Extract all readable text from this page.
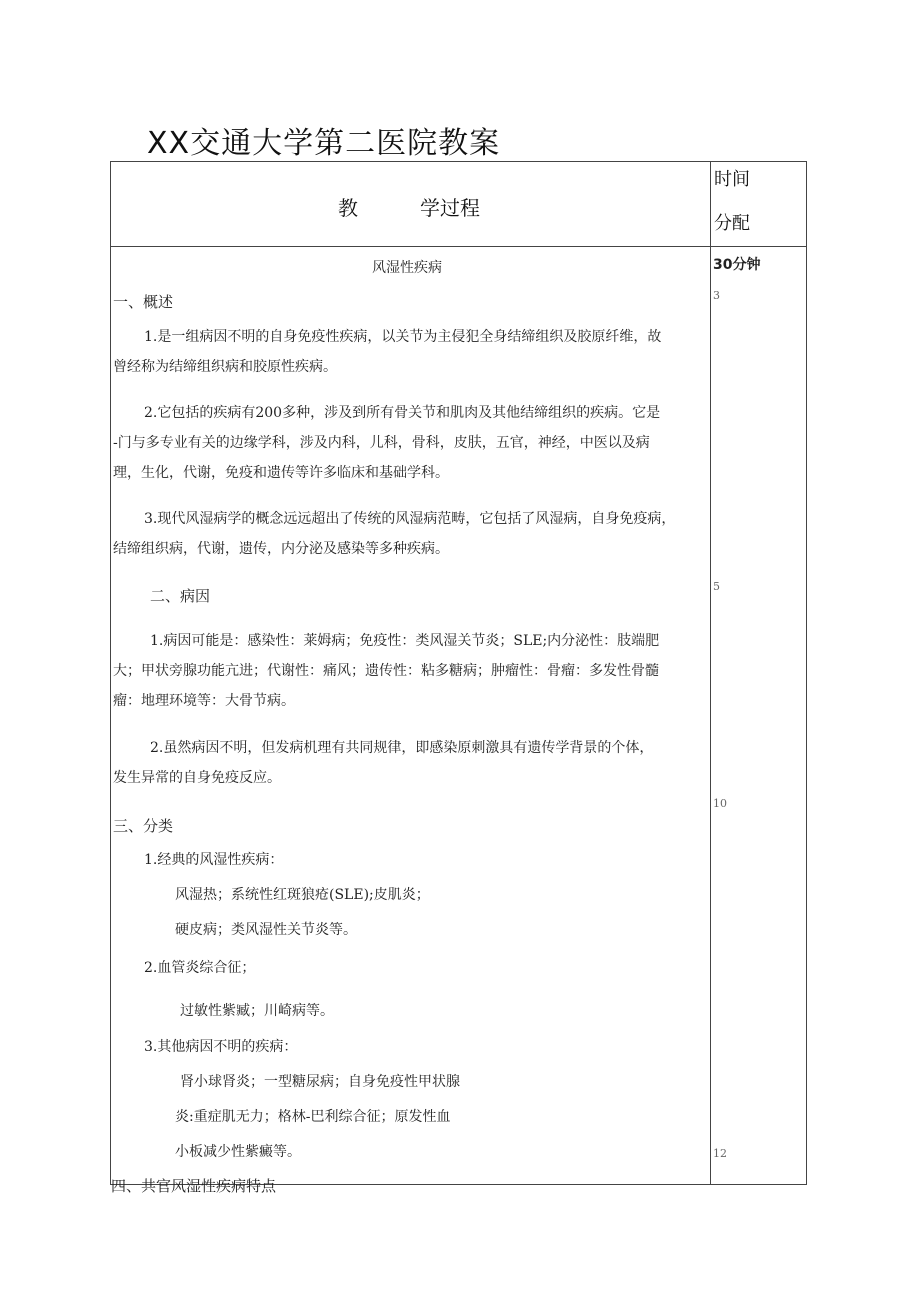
XX交通大学第二医院教案
教	学过程
时间
分配
风湿性疾病	30分钟
一、概述
1.是一组病因不明的自身免疫性疾病，以关节为主侵犯全身结缔组织及胶原纤维，故
曾经称为结缔组织病和胶原性疾病。
2.它包括的疾病有200多种，涉及到所有骨关节和肌肉及其他结缔组织的疾病。它是
-门与多专业有关的边缘学科，涉及内科，儿科，骨科，皮肤，五官，神经，中医以及病
理，生化，代谢，免疫和遗传等许多临床和基础学科。
3.现代风湿病学的概念远远超出了传统的风湿病范畴，它包括了风湿病，自身免疫病，
结缔组织病，代谢，遗传，内分泌及感染等多种疾病。
二、病因
1.病因可能是：感染性：莱姆病；免疫性：类风湿关节炎；SLE;内分泌性：肢端肥
大；甲状旁腺功能亢进；代谢性：痛风；遗传性：粘多糖病；肿瘤性：骨瘤：多发性骨髓
瘤：地理环境等：大骨节病。
2.虽然病因不明，但发病机理有共同规律，即感染原刺激具有遗传学背景的个体，
发生异常的自身免疫反应。
三、分类
1.经典的风湿性疾病：
风湿热；系统性红斑狼疮(SLE);皮肌炎；
硬皮病；类风湿性关节炎等。
2.血管炎综合征；
过敏性紫臧；川崎病等。
3.其他病因不明的疾病：
肾小球肾炎；一型糖尿病；自身免疫性甲状腺
炎:重症肌无力；格林-巴利综合征；原发性血
小板减少性紫癜等。
四、共官风湿性疾病特点
3
5
10
12
